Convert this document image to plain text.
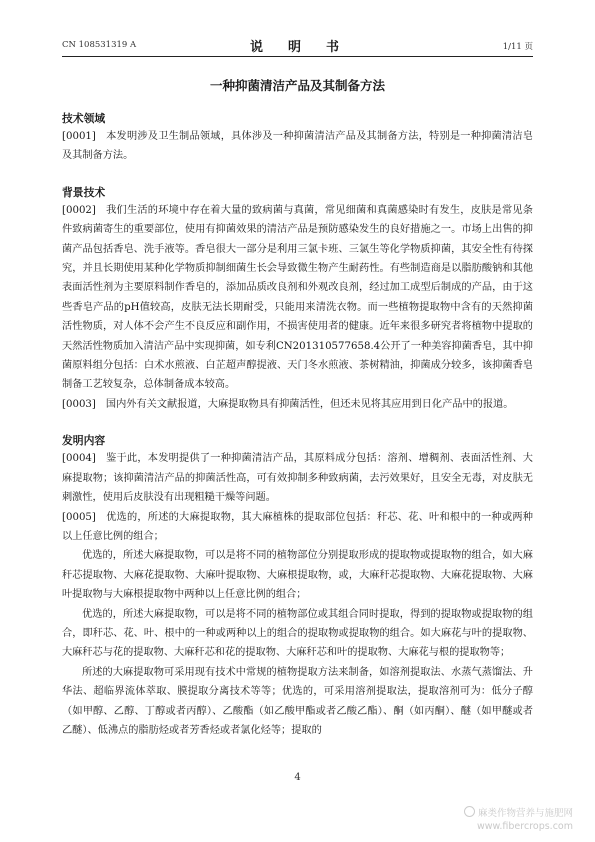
CN 108531319 A	说　明　书	1/11 页
一种抑菌清洁产品及其制备方法
技术领域

[0001] 本发明涉及卫生制品领域，具体涉及一种抑菌清洁产品及其制备方法，特别是一种抑菌清洁皂及其制备方法。

背景技术

[0002] 我们生活的环境中存在着大量的致病菌与真菌，常见细菌和真菌感染时有发生，皮肤是常见条件致病菌寄生的重要部位，使用有抑菌效果的清洁产品是预防感染发生的良好措施之一。市场上出售的抑菌产品包括香皂、洗手液等。香皂很大一部分是利用三氯卡班、三氯生等化学物质抑菌，其安全性有待探究，并且长期使用某种化学物质抑制细菌生长会导致微生物产生耐药性。有些制造商是以脂肪酸钠和其他表面活性剂为主要原料制作香皂的，添加品质改良剂和外观改良剂，经过加工成型后制成的产品，由于这些香皂产品的pH值较高，皮肤无法长期耐受，只能用来清洗衣物。而一些植物提取物中含有的天然抑菌活性物质，对人体不会产生不良反应和副作用，不损害使用者的健康。近年来很多研究者将植物中提取的天然活性物质加入清洁产品中实现抑菌，如专利CN201310577658.4公开了一种美容抑菌香皂，其中抑菌原料组分包括：白术水煎液、白芷超声醇提液、天门冬水煎液、茶树精油，抑菌成分较多，该抑菌香皂制备工艺较复杂，总体制备成本较高。

[0003] 国内外有关文献报道，大麻提取物具有抑菌活性，但还未见将其应用到日化产品中的报道。

发明内容

[0004] 鉴于此，本发明提供了一种抑菌清洁产品，其原料成分包括：溶剂、增稠剂、表面活性剂、大麻提取物；该抑菌清洁产品的抑菌活性高，可有效抑制多种致病菌，去污效果好，且安全无毒，对皮肤无刺激性，使用后皮肤没有出现粗糙干燥等问题。

[0005] 优选的，所述的大麻提取物，其大麻植株的提取部位包括：秆芯、花、叶和根中的一种或两种以上任意比例的组合；

优选的，所述大麻提取物，可以是将不同的植物部位分别提取形成的提取物或提取物的组合，如大麻秆芯提取物、大麻花提取物、大麻叶提取物、大麻根提取物，或，大麻秆芯提取物、大麻花提取物、大麻叶提取物与大麻根提取物中两种以上任意比例的组合；

优选的，所述大麻提取物，可以是将不同的植物部位或其组合同时提取，得到的提取物或提取物的组合，即秆芯、花、叶、根中的一种或两种以上的组合的提取物或提取物的组合。如大麻花与叶的提取物、大麻秆芯与花的提取物、大麻秆芯和花的提取物、大麻秆芯和叶的提取物、大麻花与根的提取物等；

所述的大麻提取物可采用现有技术中常规的植物提取方法来制备，如溶剂提取法、水蒸气蒸馏法、升华法、超临界流体萃取、膜提取分离技术等等；优选的，可采用溶剂提取法，提取溶剂可为：低分子醇（如甲醇、乙醇、丁醇或者丙醇）、乙酸酯（如乙酸甲酯或者乙酸乙酯）、酮（如丙酮）、醚（如甲醚或者乙醚）、低沸点的脂肪烃或者芳香烃或者氯化烃等；提取的

4
麻类作物营养与施肥网
www.fibercrops.com
